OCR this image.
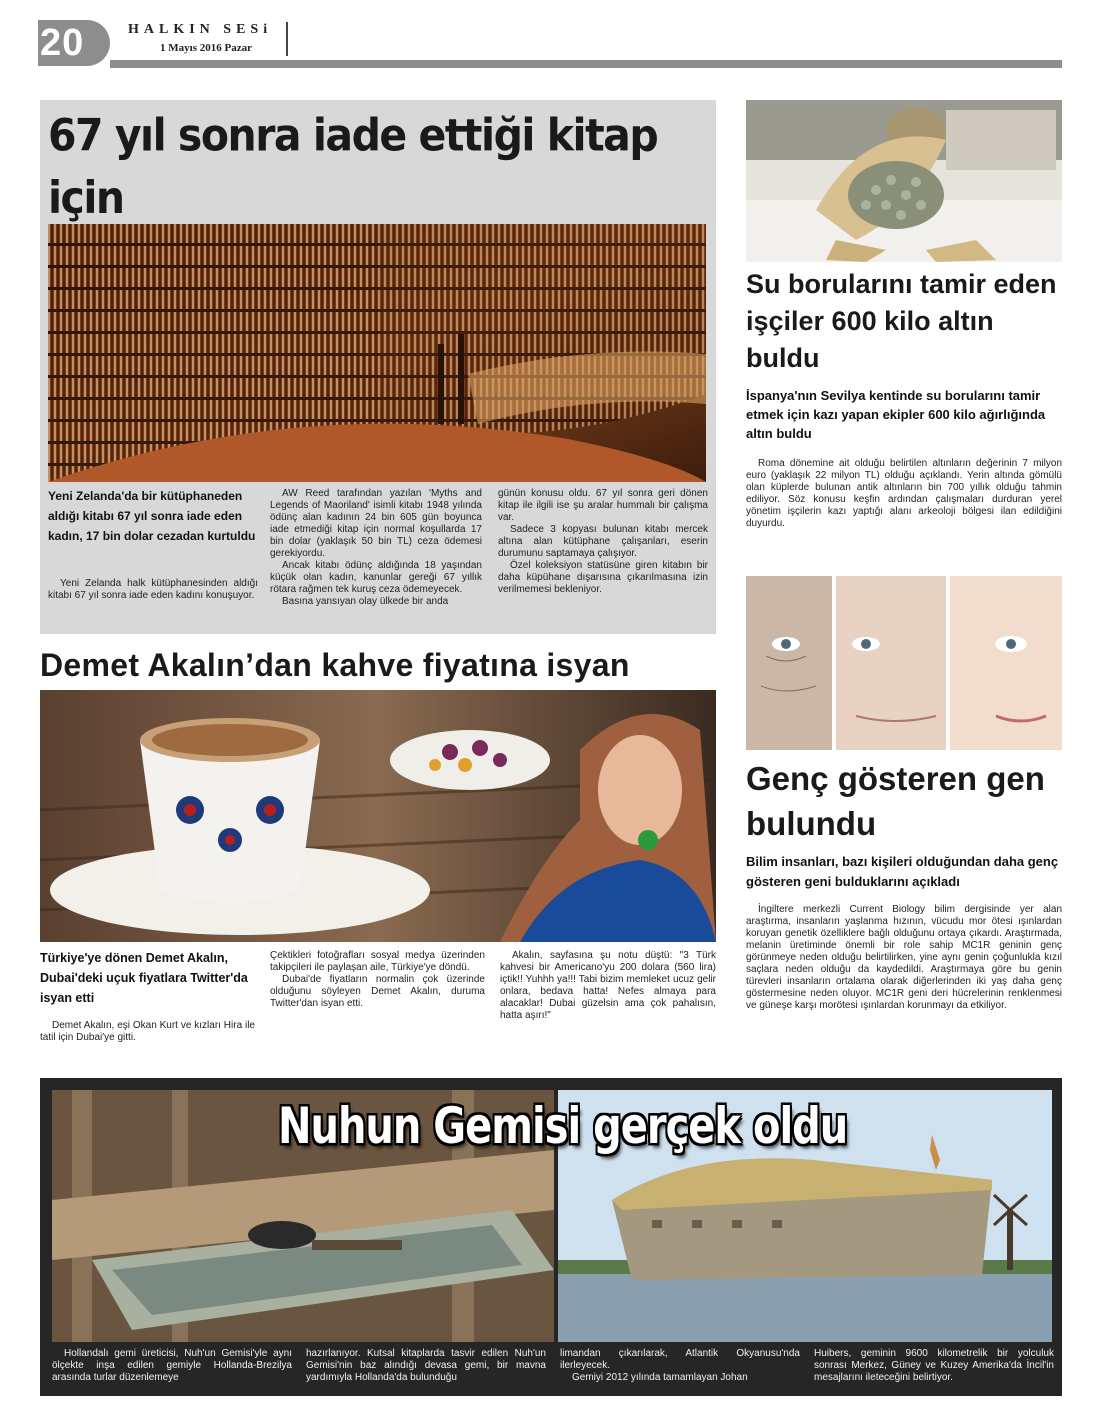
20	HALKIN SESi
1 Mayıs 2016 Pazar
67 yıl sonra iade ettiği kitap için
Yeni Zelanda'da bir kütüphaneden aldığı kitabı 67 yıl sonra iade eden kadın, 17 bin dolar cezadan kurtuldu

Yeni Zelanda halk kütüphanesinden aldığı kitabı 67 yıl sonra iade eden kadını konuşuyor.

AW Reed tarafından yazılan 'Myths and Legends of Maoriland' isimli kitabı 1948 yılında ödünç alan kadının 24 bin 605 gün boyunca iade etmediği kitap için normal koşullarda 17 bin dolar (yaklaşık 50 bin TL) ceza ödemesi gerekiyordu.

Ancak kitabı ödünç aldığında 18 yaşından küçük olan kadın, kanunlar gereği 67 yıllık rötara rağmen tek kuruş ceza ödemeyecek.

Basına yansıyan olay ülkede bir anda

günün konusu oldu. 67 yıl sonra geri dönen kitap ile ilgili ise şu aralar hummalı bir çalışma var.

Sadece 3 kopyası bulunan kitabı mercek altına alan kütüphane çalışanları, eserin durumunu saptamaya çalışıyor.

Özel koleksiyon statüsüne giren kitabın bir daha küpühane dışarısına çıkarılmasına izin verilmemesi bekleniyor.

Su borularını tamir eden işçiler 600 kilo altın buldu
İspanya'nın Sevilya kentinde su borularını tamir etmek için kazı yapan ekipler 600 kilo ağırlığında altın buldu

Roma dönemine ait olduğu belirtilen altınların değerinin 7 milyon euro (yaklaşık 22 milyon TL) olduğu açıklandı. Yerin altında gömülü olan küplerde bulunan antik altınların bin 700 yıllık olduğu tahmin ediliyor. Söz konusu keşfin ardından çalışmaları durduran yerel yönetim işçilerin kazı yaptığı alanı arkeoloji bölgesi ilan edildiğini duyurdu.

Genç gösteren gen bulundu
Bilim insanları, bazı kişileri olduğundan daha genç gösteren geni bulduklarını açıkladı

İngiltere merkezli Current Biology bilim dergisinde yer alan araştırma, insanların yaşlanma hızının, vücudu mor ötesi ışınlardan koruyan genetik özelliklere bağlı olduğunu ortaya çıkardı. Araştırmada, melanin üretiminde önemli bir role sahip MC1R geninin genç görünmeye neden olduğu belirtilirken, yine aynı genin çoğunlukla kızıl saçlara neden olduğu da kaydedildi. Araştırmaya göre bu genin türevleri insanların ortalama olarak diğerlerinden iki yaş daha genç göstermesine neden oluyor. MC1R geni deri hücrelerinin renklenmesi ve güneşe karşı morötesi ışınlardan korunmayı da etkiliyor.

Demet Akalın’dan kahve fiyatına isyan
Türkiye'ye dönen Demet Akalın, Dubai'deki uçuk fiyatlara Twitter'da isyan etti

Demet Akalın, eşi Okan Kurt ve kızları Hira ile tatil için Dubai'ye gitti.

Çektikleri fotoğrafları sosyal medya üzerinden takipçileri ile paylaşan aile, Türkiye'ye döndü.

Dubai'de fiyatların normalin çok üzerinde olduğunu söyleyen Demet Akalın, duruma Twitter'dan isyan etti.

Akalın, sayfasına şu notu düştü: "3 Türk kahvesi bir Americano'yu 200 dolara (560 lira) içtik!! Yuhhh ya!!! Tabi bizim memleket ucuz gelir onlara, bedava hatta! Nefes almaya para alacaklar! Dubai güzelsin ama çok pahalısın, hatta aşırı!"

Nuhun Gemisi gerçek oldu

Hollandalı gemi üreticisi, Nuh'un Gemisi'yle aynı ölçekte inşa edilen gemiyle Hollanda-Brezilya arasında turlar düzenlemeye

hazırlanıyor. Kutsal kitaplarda tasvir edilen Nuh'un Gemisi'nin baz alındığı devasa gemi, bir mavna yardımıyla Hollanda'da bulunduğu

limandan çıkarılarak, Atlantik Okyanusu'nda ilerleyecek.

Gemiyi 2012 yılında tamamlayan Johan

Huibers, geminin 9600 kilometrelik bir yolculuk sonrası Merkez, Güney ve Kuzey Amerika'da İncil'in mesajlarını ileteceğini belirtiyor.
